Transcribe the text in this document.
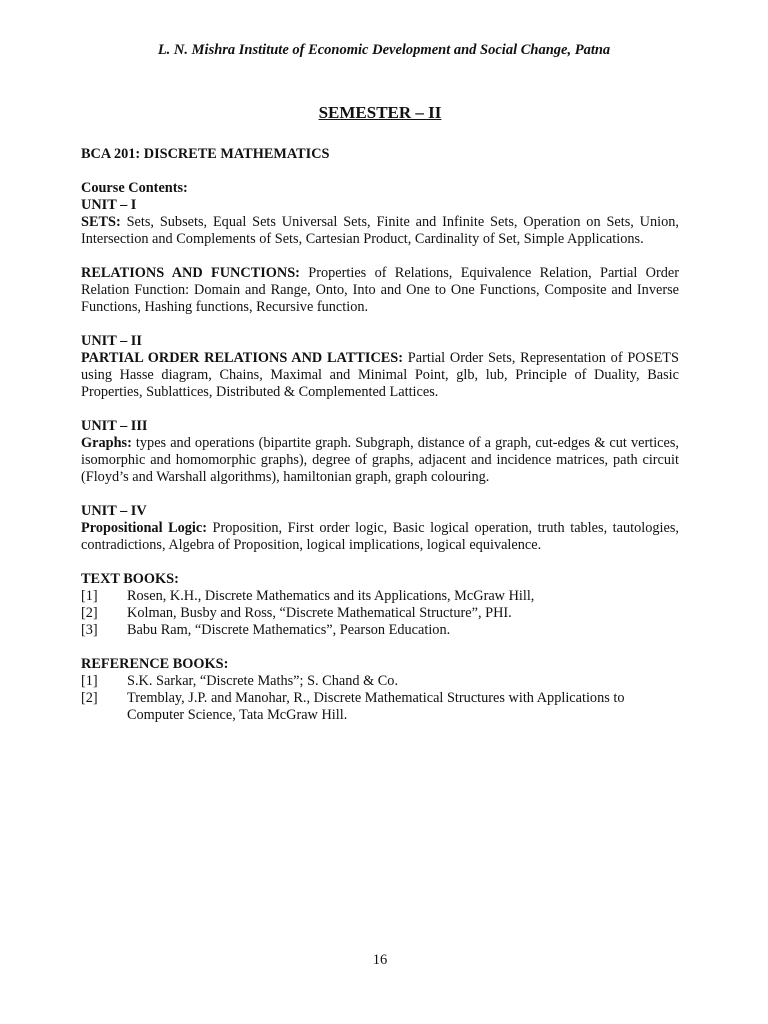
L. N. Mishra Institute of Economic Development and Social Change, Patna
SEMESTER – II

BCA 201: DISCRETE MATHEMATICS

Course Contents:

UNIT – I

SETS: Sets, Subsets, Equal Sets Universal Sets, Finite and Infinite Sets, Operation on Sets, Union, Intersection and Complements of Sets, Cartesian Product, Cardinality of Set, Simple Applications.

RELATIONS AND FUNCTIONS: Properties of Relations, Equivalence Relation, Partial Order Relation Function: Domain and Range, Onto, Into and One to One Functions, Composite and Inverse Functions, Hashing functions, Recursive function.

UNIT – II

PARTIAL ORDER RELATIONS AND LATTICES: Partial Order Sets, Representation of POSETS using Hasse diagram, Chains, Maximal and Minimal Point, glb, lub, Principle of Duality, Basic Properties, Sublattices, Distributed & Complemented Lattices.

UNIT – III

Graphs: types and operations (bipartite graph. Subgraph, distance of a graph, cut-edges & cut vertices, isomorphic and homomorphic graphs), degree of graphs, adjacent and incidence matrices, path circuit (Floyd’s and Warshall algorithms), hamiltonian graph, graph colouring.

UNIT – IV

Propositional Logic: Proposition, First order logic, Basic logical operation, truth tables, tautologies, contradictions, Algebra of Proposition, logical implications, logical equivalence.

TEXT BOOKS:

[1]	Rosen, K.H., Discrete Mathematics and its Applications, McGraw Hill,
[2]	Kolman, Busby and Ross, “Discrete Mathematical Structure”, PHI.
[3]	Babu Ram, “Discrete Mathematics”, Pearson Education.

REFERENCE BOOKS:

[1]	S.K. Sarkar, “Discrete Maths”; S. Chand & Co.
[2]	Tremblay, J.P. and Manohar, R., Discrete Mathematical Structures with Applications to Computer Science, Tata McGraw Hill.
16
